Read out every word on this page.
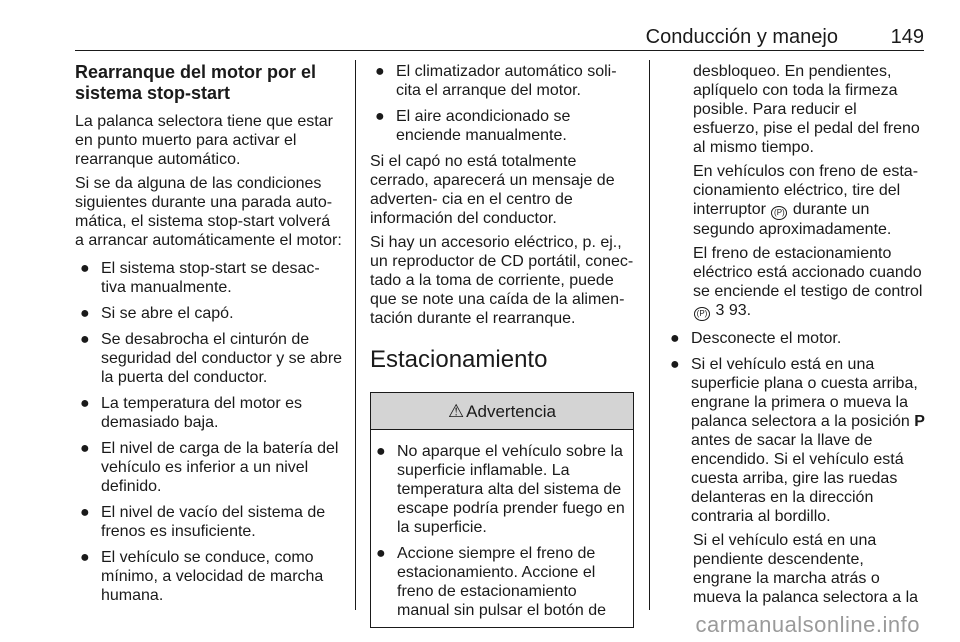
Conducción y manejo	149
Rearranque del motor por el sistema stop-start

La palanca selectora tiene que estar en punto muerto para activar el rearranque automático.

Si se da alguna de las condiciones siguientes durante una parada auto- mática, el sistema stop-start volverá a arrancar automáticamente el motor:

● El sistema stop-start se desac- tiva manualmente.
● Si se abre el capó.
● Se desabrocha el cinturón de seguridad del conductor y se abre la puerta del conductor.
● La temperatura del motor es demasiado baja.
● El nivel de carga de la batería del vehículo es inferior a un nivel definido.
● El nivel de vacío del sistema de frenos es insuficiente.
● El vehículo se conduce, como mínimo, a velocidad de marcha humana.
● El climatizador automático soli- cita el arranque del motor.
● El aire acondicionado se enciende manualmente.

Si el capó no está totalmente cerrado, aparecerá un mensaje de adverten- cia en el centro de información del conductor.

Si hay un accesorio eléctrico, p. ej., un reproductor de CD portátil, conec- tado a la toma de corriente, puede que se note una caída de la alimen- tación durante el rearranque.

Estacionamiento
⚠ Advertencia
● No aparque el vehículo sobre la superficie inflamable. La temperatura alta del sistema de escape podría prender fuego en la superficie.
● Accione siempre el freno de estacionamiento. Accione el freno de estacionamiento manual sin pulsar el botón de

desbloqueo. En pendientes, aplíquelo con toda la firmeza posible. Para reducir el esfuerzo, pise el pedal del freno al mismo tiempo.

En vehículos con freno de esta- cionamiento eléctrico, tire del interruptor (P) durante un segundo aproximadamente.

El freno de estacionamiento eléctrico está accionado cuando se enciende el testigo de control (P) 3 93.

● Desconecte el motor.
● Si el vehículo está en una superficie plana o cuesta arriba, engrane la primera o mueva la palanca selectora a la posición P antes de sacar la llave de encendido. Si el vehículo está cuesta arriba, gire las ruedas delanteras en la dirección contraria al bordillo.

Si el vehículo está en una pendiente descendente, engrane la marcha atrás o mueva la palanca selectora a la

carmanualsonline.info
